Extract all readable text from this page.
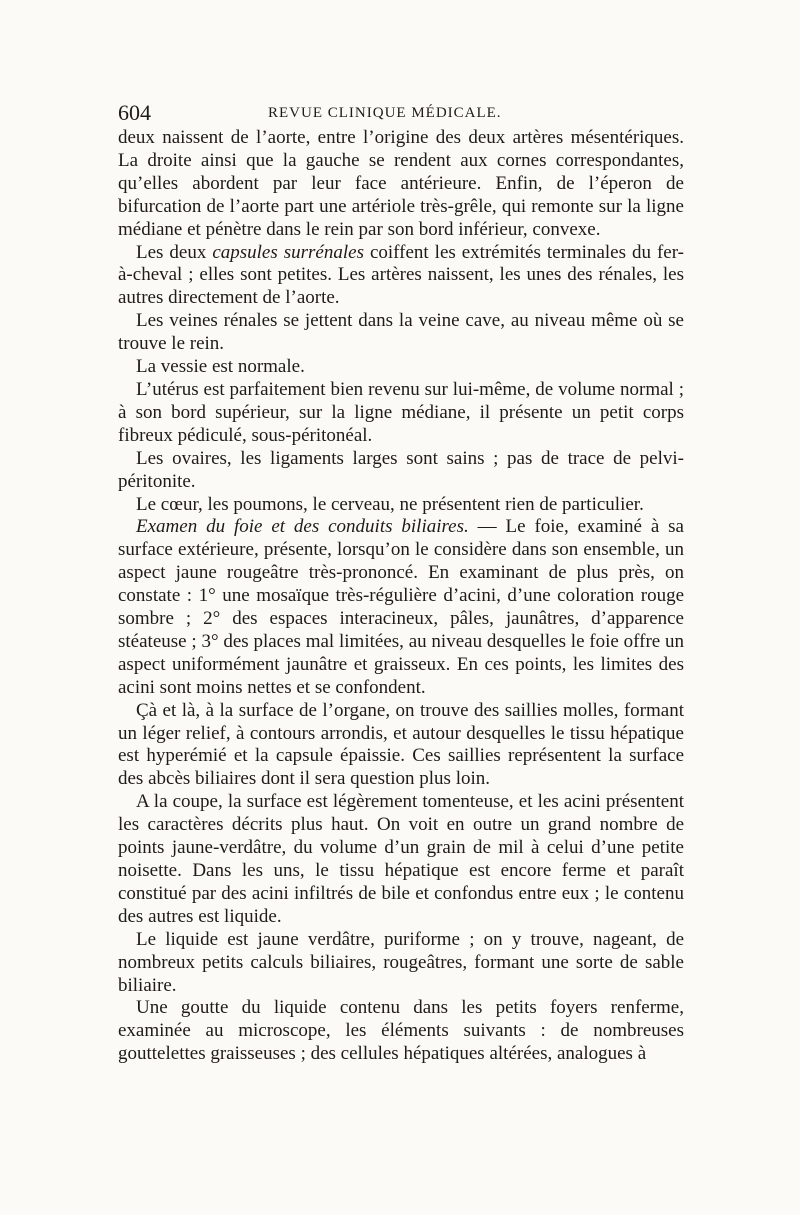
604	REVUE CLINIQUE MÉDICALE.

deux naissent de l’aorte, entre l’origine des deux artères mésentériques. La droite ainsi que la gauche se rendent aux cornes correspondantes, qu’elles abordent par leur face antérieure. Enfin, de l’éperon de bifurcation de l’aorte part une artériole très-grêle, qui remonte sur la ligne médiane et pénètre dans le rein par son bord inférieur, convexe.

Les deux capsules surrénales coiffent les extrémités terminales du fer-à-cheval ; elles sont petites. Les artères naissent, les unes des rénales, les autres directement de l’aorte.

Les veines rénales se jettent dans la veine cave, au niveau même où se trouve le rein.

La vessie est normale.

L’utérus est parfaitement bien revenu sur lui-même, de volume normal ; à son bord supérieur, sur la ligne médiane, il présente un petit corps fibreux pédiculé, sous-péritonéal.

Les ovaires, les ligaments larges sont sains ; pas de trace de pelvi-péritonite.

Le cœur, les poumons, le cerveau, ne présentent rien de particulier.

Examen du foie et des conduits biliaires. — Le foie, examiné à sa surface extérieure, présente, lorsqu’on le considère dans son ensemble, un aspect jaune rougeâtre très-prononcé. En examinant de plus près, on constate : 1° une mosaïque très-régulière d’acini, d’une coloration rouge sombre ; 2° des espaces interacineux, pâles, jaunâtres, d’apparence stéateuse ; 3° des places mal limitées, au niveau desquelles le foie offre un aspect uniformément jaunâtre et graisseux. En ces points, les limites des acini sont moins nettes et se confondent.

Çà et là, à la surface de l’organe, on trouve des saillies molles, formant un léger relief, à contours arrondis, et autour desquelles le tissu hépatique est hyperémié et la capsule épaissie. Ces saillies représentent la surface des abcès biliaires dont il sera question plus loin.

A la coupe, la surface est légèrement tomenteuse, et les acini présentent les caractères décrits plus haut. On voit en outre un grand nombre de points jaune-verdâtre, du volume d’un grain de mil à celui d’une petite noisette. Dans les uns, le tissu hépatique est encore ferme et paraît constitué par des acini infiltrés de bile et confondus entre eux ; le contenu des autres est liquide.

Le liquide est jaune verdâtre, puriforme ; on y trouve, nageant, de nombreux petits calculs biliaires, rougeâtres, formant une sorte de sable biliaire.

Une goutte du liquide contenu dans les petits foyers renferme, examinée au microscope, les éléments suivants : de nombreuses gouttelettes graisseuses ; des cellules hépatiques altérées, analogues à
